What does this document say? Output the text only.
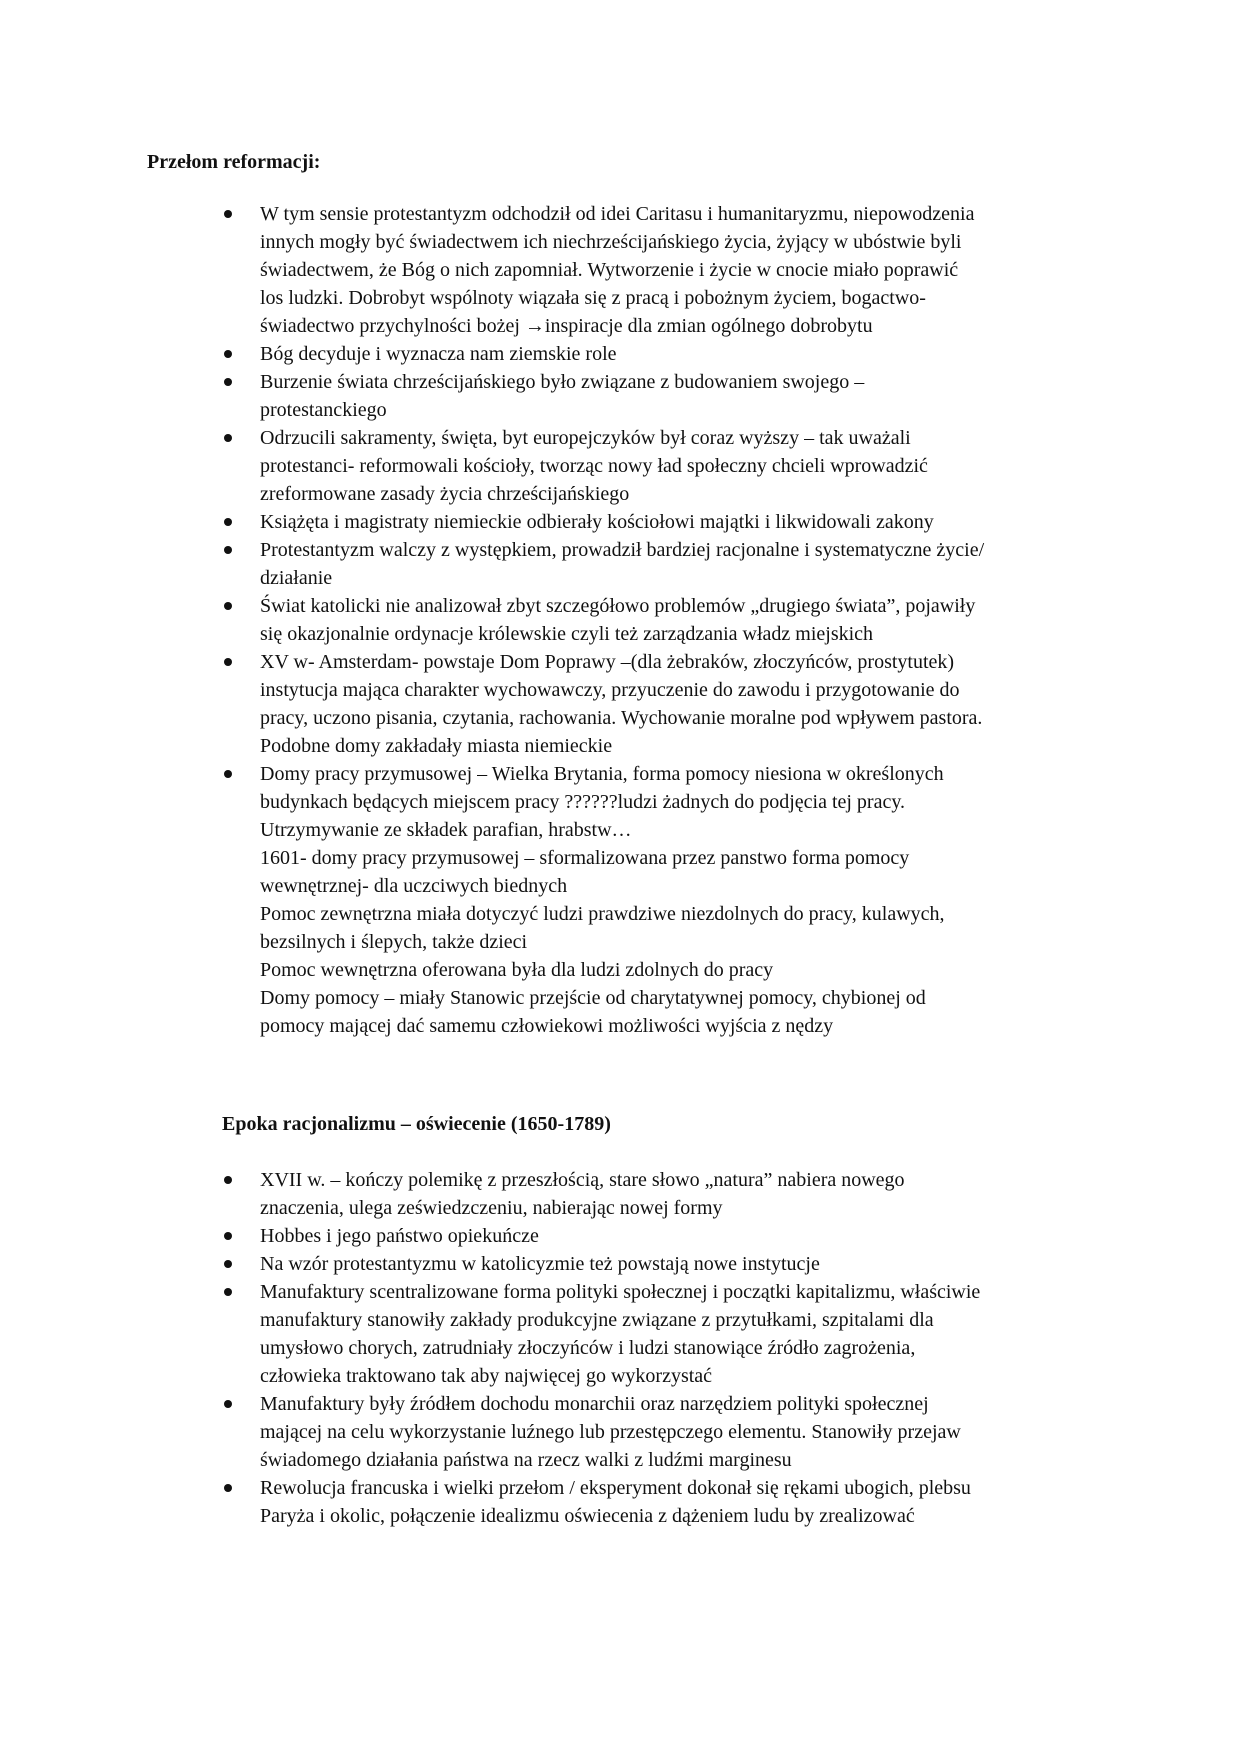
Przełom reformacji:
W tym sensie protestantyzm odchodził od idei Caritasu i humanitaryzmu, niepowodzenia
innych mogły być świadectwem ich niechrześcijańskiego życia, żyjący w ubóstwie byli
świadectwem, że Bóg o nich zapomniał. Wytworzenie i życie w cnocie miało poprawić
los ludzki. Dobrobyt wspólnoty wiązała się z pracą i pobożnym życiem, bogactwo-
świadectwo przychylności bożej →inspiracje dla zmian ogólnego dobrobytu
Bóg decyduje i wyznacza nam ziemskie role
Burzenie świata chrześcijańskiego było związane z budowaniem swojego –
protestanckiego
Odrzucili sakramenty, święta, byt europejczyków był coraz wyższy – tak uważali
protestanci- reformowali kościoły, tworząc nowy ład społeczny chcieli wprowadzić
zreformowane zasady życia chrześcijańskiego
Książęta i magistraty niemieckie odbierały kościołowi majątki i likwidowali zakony
Protestantyzm walczy z występkiem, prowadził bardziej racjonalne i systematyczne życie/
działanie
Świat katolicki nie analizował zbyt szczegółowo problemów „drugiego świata”, pojawiły
się okazjonalnie ordynacje królewskie czyli też zarządzania władz miejskich
XV w- Amsterdam- powstaje Dom Poprawy –(dla żebraków, złoczyńców, prostytutek)
instytucja mająca charakter wychowawczy, przyuczenie do zawodu i przygotowanie do
pracy, uczono pisania, czytania, rachowania. Wychowanie moralne pod wpływem pastora.
Podobne domy zakładały miasta niemieckie
Domy pracy przymusowej – Wielka Brytania, forma pomocy niesiona w określonych
budynkach będących miejscem pracy ??????ludzi żadnych do podjęcia tej pracy.
Utrzymywanie ze składek parafian, hrabstw…
1601- domy pracy przymusowej – sformalizowana przez panstwo forma pomocy
wewnętrznej- dla uczciwych biednych
Pomoc zewnętrzna miała dotyczyć ludzi prawdziwe niezdolnych do pracy, kulawych,
bezsilnych i ślepych, także dzieci
Pomoc wewnętrzna oferowana była dla ludzi zdolnych do pracy
Domy pomocy – miały Stanowic przejście od charytatywnej pomocy, chybionej od
pomocy mającej dać samemu człowiekowi możliwości wyjścia z nędzy
Epoka racjonalizmu – oświecenie (1650-1789)
XVII w. – kończy polemikę z przeszłością, stare słowo „natura” nabiera nowego
znaczenia, ulega zeświedzczeniu, nabierając nowej formy
Hobbes i jego państwo opiekuńcze
Na wzór protestantyzmu w katolicyzmie też powstają nowe instytucje
Manufaktury scentralizowane forma polityki społecznej i początki kapitalizmu, właściwie
manufaktury stanowiły zakłady produkcyjne związane z przytułkami, szpitalami dla
umysłowo chorych, zatrudniały złoczyńców i ludzi stanowiące źródło zagrożenia,
człowieka traktowano tak aby najwięcej go wykorzystać
Manufaktury były źródłem dochodu monarchii oraz narzędziem polityki społecznej
mającej na celu wykorzystanie luźnego lub przestępczego elementu. Stanowiły przejaw
świadomego działania państwa na rzecz walki z ludźmi marginesu
Rewolucja francuska i wielki przełom / eksperyment dokonał się rękami ubogich, plebsu
Paryża i okolic, połączenie idealizmu oświecenia z dążeniem ludu by zrealizować
